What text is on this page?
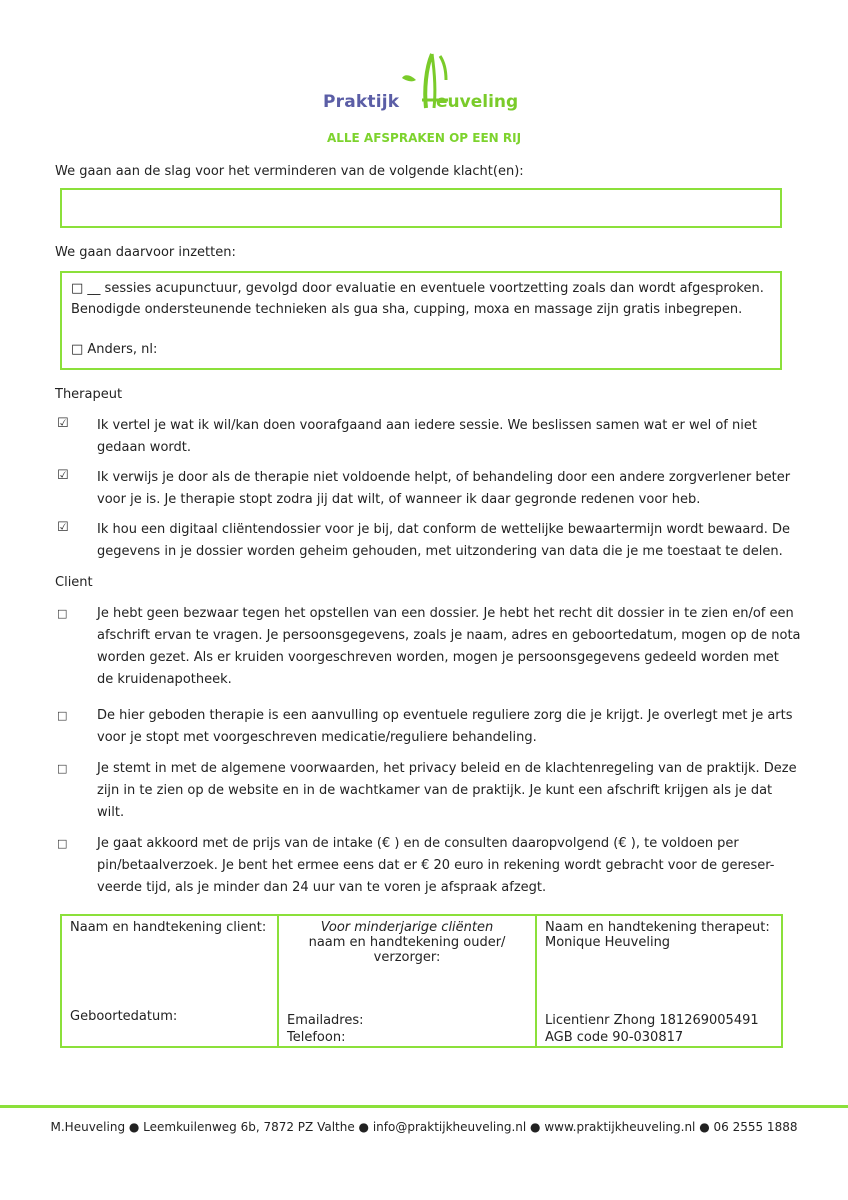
Praktijk euveling
ALLE AFSPRAKEN OP EEN RIJ
We gaan aan de slag voor het verminderen van de volgende klacht(en):
We gaan daarvoor inzetten:
□ __ sessies acupunctuur, gevolgd door evaluatie en eventuele voortzetting zoals dan wordt afgesproken.
Benodigde ondersteunende technieken als gua sha, cupping, moxa en massage zijn gratis inbegrepen.
□ Anders, nl:
Therapeut
☑ Ik vertel je wat ik wil/kan doen voorafgaand aan iedere sessie. We beslissen samen wat er wel of niet
gedaan wordt.
☑ Ik verwijs je door als de therapie niet voldoende helpt, of behandeling door een andere zorgverlener beter
voor je is. Je therapie stopt zodra jij dat wilt, of wanneer ik daar gegronde redenen voor heb.
☑ Ik hou een digitaal cliëntendossier voor je bij, dat conform de wettelijke bewaartermijn wordt bewaard. De
gegevens in je dossier worden geheim gehouden, met uitzondering van data die je me toestaat te delen.
Client
□ Je hebt geen bezwaar tegen het opstellen van een dossier. Je hebt het recht dit dossier in te zien en/of een
afschrift ervan te vragen. Je persoonsgegevens, zoals je naam, adres en geboortedatum, mogen op de nota
worden gezet. Als er kruiden voorgeschreven worden, mogen je persoonsgegevens gedeeld worden met
de kruidenapotheek.
□ De hier geboden therapie is een aanvulling op eventuele reguliere zorg die je krijgt. Je overlegt met je arts
voor je stopt met voorgeschreven medicatie/reguliere behandeling.
□ Je stemt in met de algemene voorwaarden, het privacy beleid en de klachtenregeling van de praktijk. Deze
zijn in te zien op de website en in de wachtkamer van de praktijk. Je kunt een afschrift krijgen als je dat
wilt.
□ Je gaat akkoord met de prijs van de intake (€ ) en de consulten daaropvolgend (€ ), te voldoen per
pin/betaalverzoek. Je bent het ermee eens dat er € 20 euro in rekening wordt gebracht voor de gereser-
veerde tijd, als je minder dan 24 uur van te voren je afspraak afzegt.
Naam en handtekening client:
Geboortedatum:

Voor minderjarige cliënten
naam en handtekening ouder/
verzorger:
Emailadres:
Telefoon:

Naam en handtekening therapeut:
Monique Heuveling
Licentienr Zhong 181269005491
AGB code 90-030817
M.Heuveling ● Leemkuilenweg 6b, 7872 PZ Valthe ● info@praktijkheuveling.nl ● www.praktijkheuveling.nl ● 06 2555 1888
